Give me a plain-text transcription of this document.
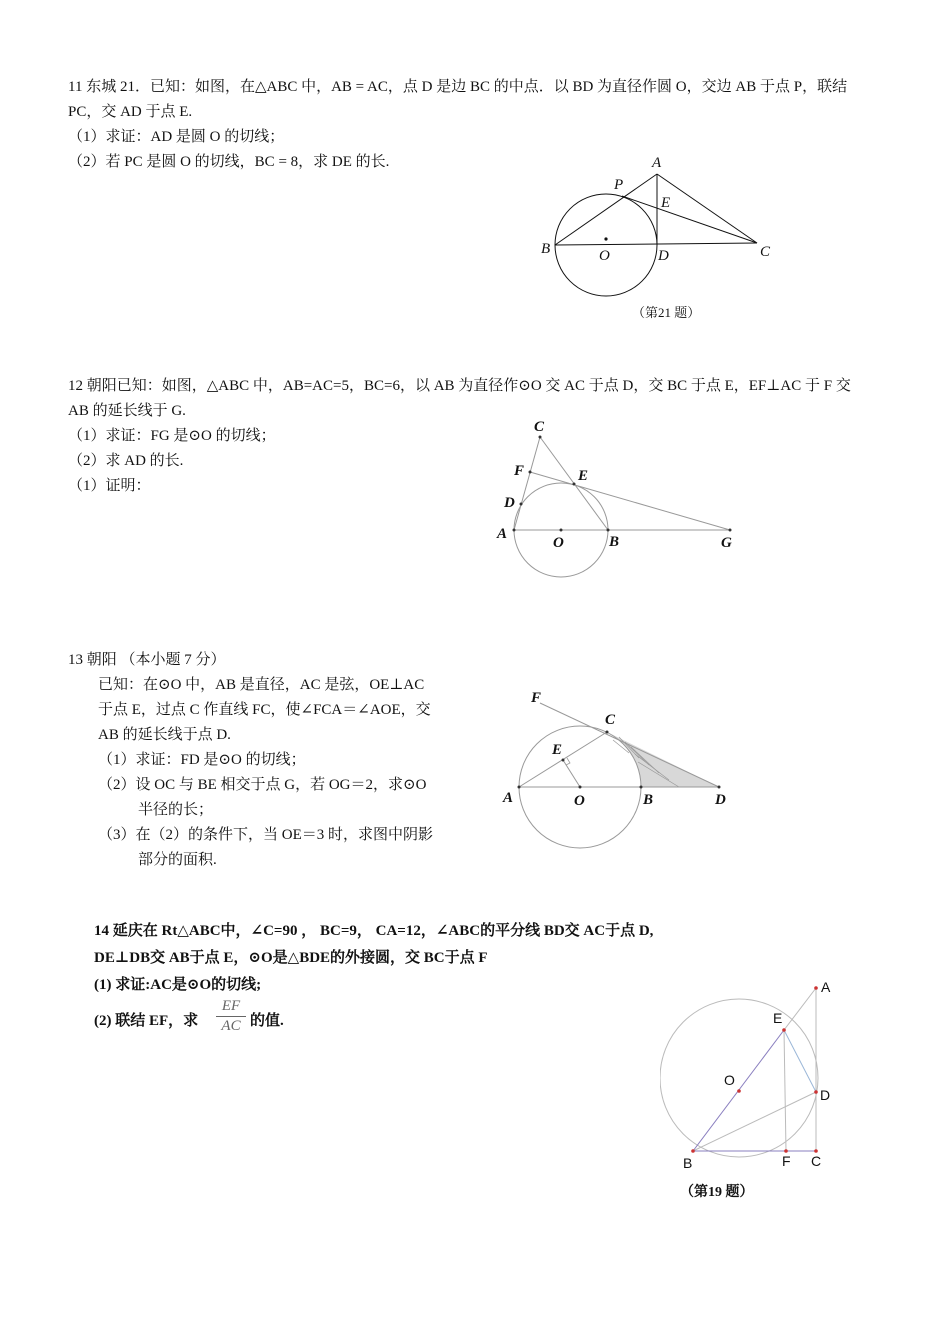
11 东城 21．已知：如图，在△ABC 中，AB = AC，点 D 是边 BC 的中点．以 BD 为直径作圆 O，交边 AB 于点 P，联结
PC，交 AD 于点 E.
（1）求证：AD 是圆 O 的切线；
（2）若 PC 是圆 O 的切线，BC = 8，求 DE 的长.	A
P
E
B	O	D	C
（第21 题）
12 朝阳已知：如图，△ABC 中，AB=AC=5，BC=6，以 AB 为直径作⊙O 交 AC 于点 D，交 BC 于点 E，EF⊥AC 于 F 交
AB 的延长线于 G.
（1）求证：FG 是⊙O 的切线；
（2）求 AD 的长.
（1）证明：
C
F	E
D
A
O	B	G
13 朝阳 （本小题 7 分）
已知：在⊙O 中，AB 是直径，AC 是弦，OE⊥AC
于点 E，过点 C 作直线 FC，使∠FCA＝∠AOE，交
AB 的延长线于点 D.
（1）求证：FD 是⊙O 的切线；
（2）设 OC 与 BE 相交于点 G，若 OG＝2，求⊙O
半径的长；
（3）在（2）的条件下，当 OE＝3 时，求图中阴影
部分的面积.
F
C
E
A	O	B	D
14 延庆在 Rt△ABC中，∠C=90 ， BC=9， CA=12，∠ABC的平分线 BD交 AC于点 D,
DE⊥DB交 AB于点 E，⊙O是△BDE的外接圆，交 BC于点 F
(1) 求证:AC是⊙O的切线;
(2) 联结 EF，求
EF
AC 的值.
A
E
O
D
B	F C
（第19 题）
